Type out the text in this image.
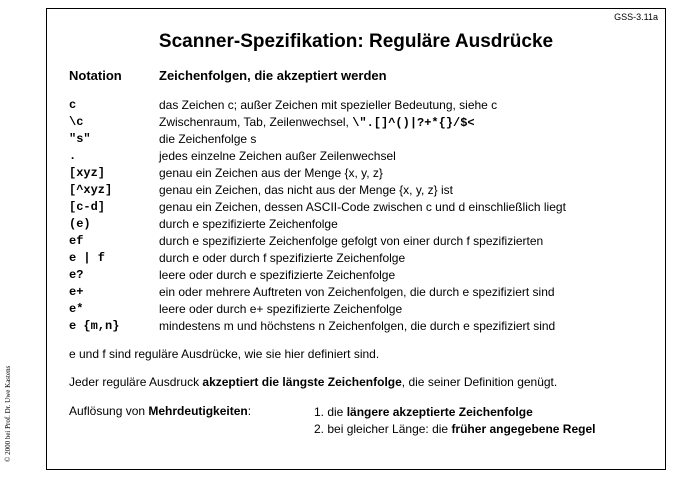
GSS-3.11a
Scanner-Spezifikation: Reguläre Ausdrücke
Notation	Zeichenfolgen, die akzeptiert werden
c	das Zeichen c; außer Zeichen mit spezieller Bedeutung, siehe c
\c	Zwischenraum, Tab, Zeilenwechsel, \".[]^()|?+*{}/$<
"s"	die Zeichenfolge s
.	jedes einzelne Zeichen außer Zeilenwechsel
[xyz]	genau ein Zeichen aus der Menge {x, y, z}
[^xyz]	genau ein Zeichen, das nicht aus der Menge {x, y, z} ist
[c-d]	genau ein Zeichen, dessen ASCII-Code zwischen c und d einschließlich liegt
(e)	durch e spezifizierte Zeichenfolge
ef	durch e spezifizierte Zeichenfolge gefolgt von einer durch f spezifizierten
e | f	durch e oder durch f spezifizierte Zeichenfolge
e?	leere oder durch e spezifizierte Zeichenfolge
e+	ein oder mehrere Auftreten von Zeichenfolgen, die durch e spezifiziert sind
e*	leere oder durch e+ spezifizierte Zeichenfolge
e {m,n}	mindestens m und höchstens n Zeichenfolgen, die durch e spezifiziert sind
e und f sind reguläre Ausdrücke, wie sie hier definiert sind.
Jeder reguläre Ausdruck akzeptiert die längste Zeichenfolge, die seiner Definition genügt.
Auflösung von Mehrdeutigkeiten:	1. die längere akzeptierte Zeichenfolge
2. bei gleicher Länge: die früher angegebene Regel
© 2000 bei Prof. Dr. Uwe Kastens
